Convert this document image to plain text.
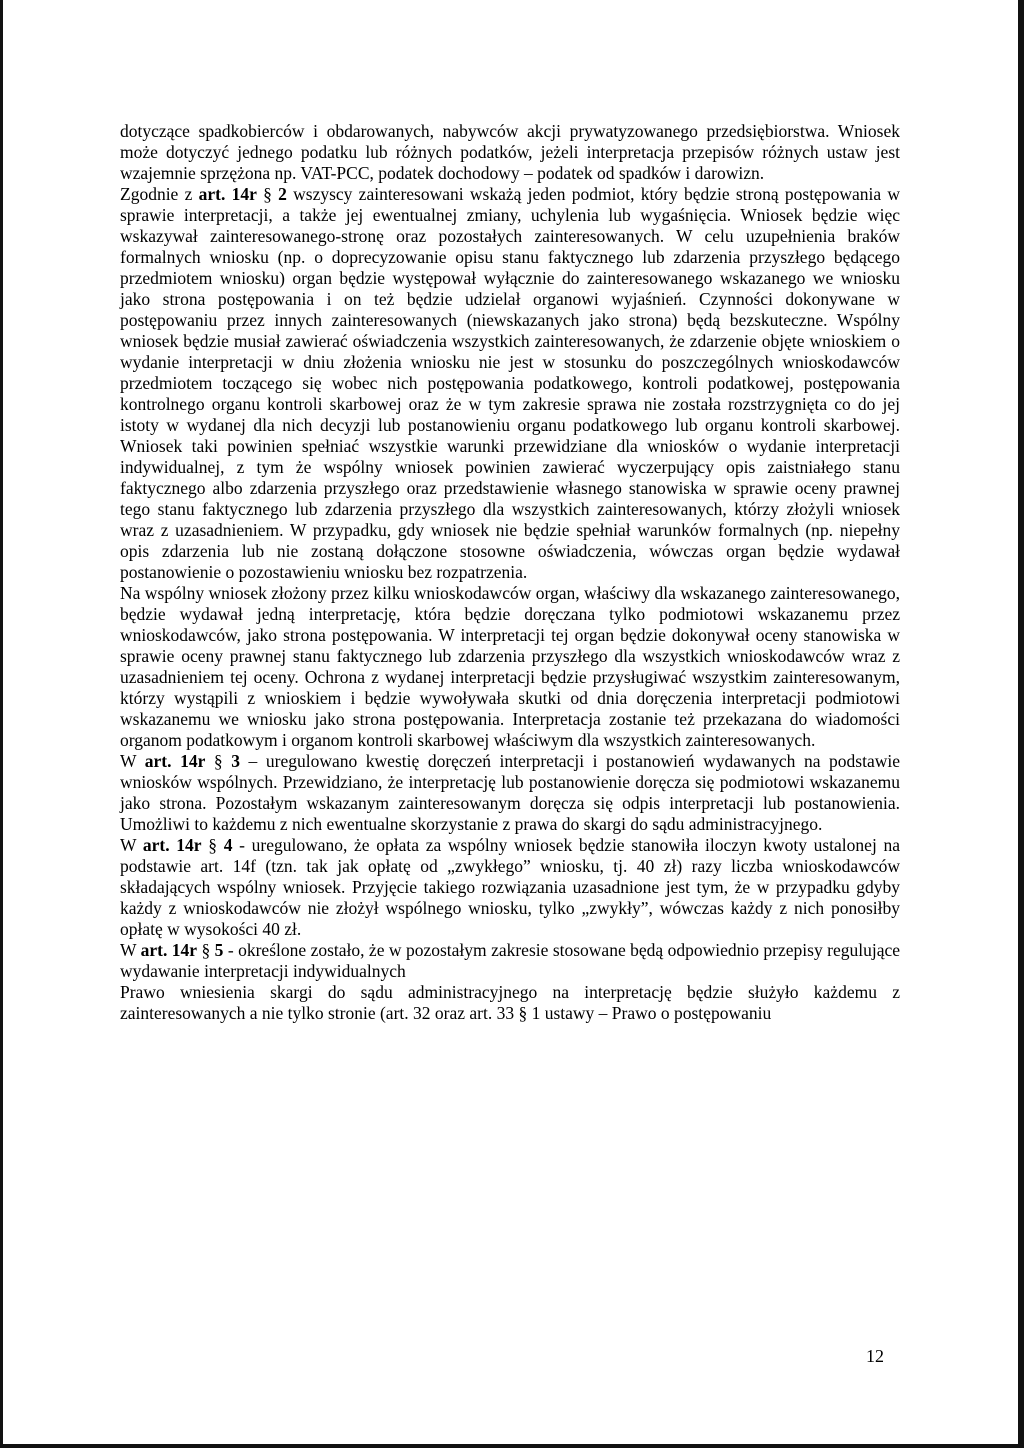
dotyczące spadkobierców i obdarowanych, nabywców akcji prywatyzowanego przedsiębiorstwa. Wniosek może dotyczyć jednego podatku lub różnych podatków, jeżeli interpretacja przepisów różnych ustaw jest wzajemnie sprzężona np. VAT-PCC, podatek dochodowy – podatek od spadków i darowizn.

Zgodnie z art. 14r § 2 wszyscy zainteresowani wskażą jeden podmiot, który będzie stroną postępowania w sprawie interpretacji, a także jej ewentualnej zmiany, uchylenia lub wygaśnięcia. Wniosek będzie więc wskazywał zainteresowanego-stronę oraz pozostałych zainteresowanych. W celu uzupełnienia braków formalnych wniosku (np. o doprecyzowanie opisu stanu faktycznego lub zdarzenia przyszłego będącego przedmiotem wniosku) organ będzie występował wyłącznie do zainteresowanego wskazanego we wniosku jako strona postępowania i on też będzie udzielał organowi wyjaśnień. Czynności dokonywane w postępowaniu przez innych zainteresowanych (niewskazanych jako strona) będą bezskuteczne. Wspólny wniosek będzie musiał zawierać oświadczenia wszystkich zainteresowanych, że zdarzenie objęte wnioskiem o wydanie interpretacji w dniu złożenia wniosku nie jest w stosunku do poszczególnych wnioskodawców przedmiotem toczącego się wobec nich postępowania podatkowego, kontroli podatkowej, postępowania kontrolnego organu kontroli skarbowej oraz że w tym zakresie sprawa nie została rozstrzygnięta co do jej istoty w wydanej dla nich decyzji lub postanowieniu organu podatkowego lub organu kontroli skarbowej. Wniosek taki powinien spełniać wszystkie warunki przewidziane dla wniosków o wydanie interpretacji indywidualnej, z tym że wspólny wniosek powinien zawierać wyczerpujący opis zaistniałego stanu faktycznego albo zdarzenia przyszłego oraz przedstawienie własnego stanowiska w sprawie oceny prawnej tego stanu faktycznego lub zdarzenia przyszłego dla wszystkich zainteresowanych, którzy złożyli wniosek wraz z uzasadnieniem. W przypadku, gdy wniosek nie będzie spełniał warunków formalnych (np. niepełny opis zdarzenia lub nie zostaną dołączone stosowne oświadczenia, wówczas organ będzie wydawał postanowienie o pozostawieniu wniosku bez rozpatrzenia.

Na wspólny wniosek złożony przez kilku wnioskodawców organ, właściwy dla wskazanego zainteresowanego, będzie wydawał jedną interpretację, która będzie doręczana tylko podmiotowi wskazanemu przez wnioskodawców, jako strona postępowania. W interpretacji tej organ będzie dokonywał oceny stanowiska w sprawie oceny prawnej stanu faktycznego lub zdarzenia przyszłego dla wszystkich wnioskodawców wraz z uzasadnieniem tej oceny. Ochrona z wydanej interpretacji będzie przysługiwać wszystkim zainteresowanym, którzy wystąpili z wnioskiem i będzie wywoływała skutki od dnia doręczenia interpretacji podmiotowi wskazanemu we wniosku jako strona postępowania. Interpretacja zostanie też przekazana do wiadomości organom podatkowym i organom kontroli skarbowej właściwym dla wszystkich zainteresowanych.

W art. 14r § 3 – uregulowano kwestię doręczeń interpretacji i postanowień wydawanych na podstawie wniosków wspólnych. Przewidziano, że interpretację lub postanowienie doręcza się podmiotowi wskazanemu jako strona. Pozostałym wskazanym zainteresowanym doręcza się odpis interpretacji lub postanowienia. Umożliwi to każdemu z nich ewentualne skorzystanie z prawa do skargi do sądu administracyjnego.

W art. 14r § 4 - uregulowano, że opłata za wspólny wniosek będzie stanowiła iloczyn kwoty ustalonej na podstawie art. 14f (tzn. tak jak opłatę od „zwykłego” wniosku, tj. 40 zł) razy liczba wnioskodawców składających wspólny wniosek. Przyjęcie takiego rozwiązania uzasadnione jest tym, że w przypadku gdyby każdy z wnioskodawców nie złożył wspólnego wniosku, tylko „zwykły”, wówczas każdy z nich ponosiłby opłatę w wysokości 40 zł.

W art. 14r § 5 - określone zostało, że w pozostałym zakresie stosowane będą odpowiednio przepisy regulujące wydawanie interpretacji indywidualnych

Prawo wniesienia skargi do sądu administracyjnego na interpretację będzie służyło każdemu z zainteresowanych a nie tylko stronie (art. 32 oraz art. 33 § 1 ustawy – Prawo o postępowaniu

12
